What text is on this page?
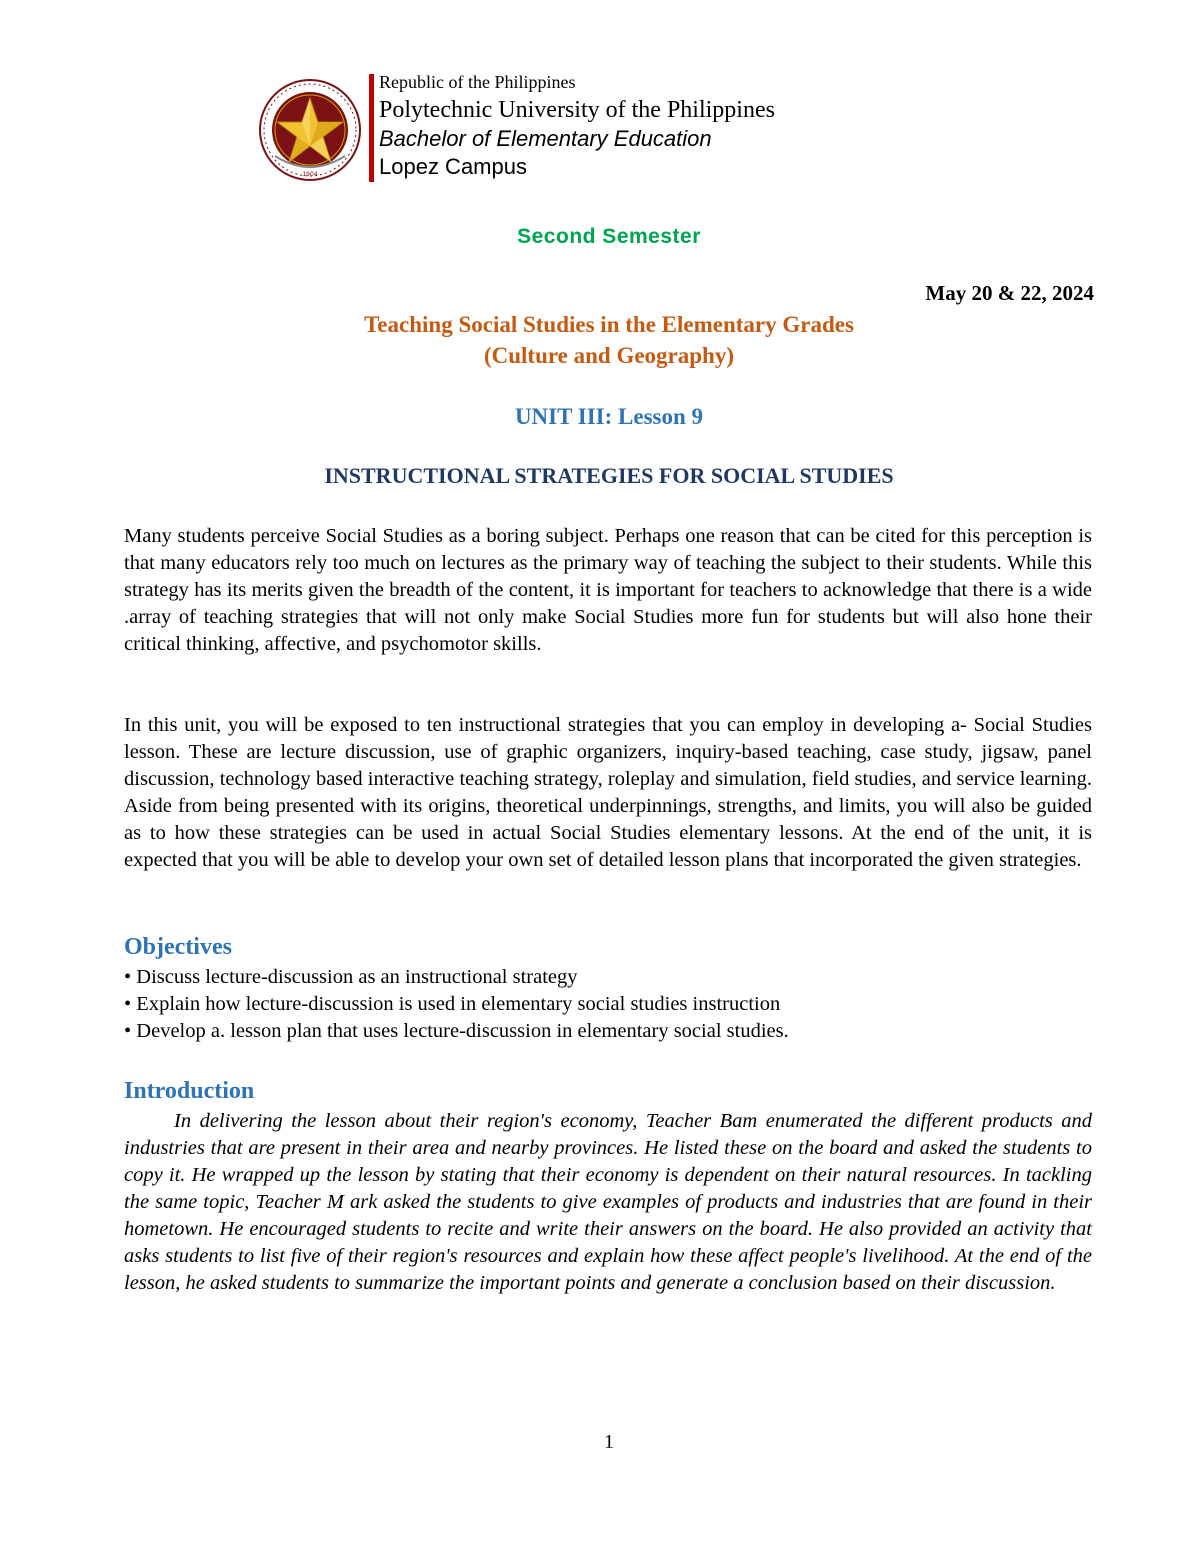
1904
Republic of the Philippines
Polytechnic University of the Philippines
Bachelor of Elementary Education
Lopez Campus
Second Semester
May 20 & 22, 2024
Teaching Social Studies in the Elementary Grades
(Culture and Geography)
UNIT III: Lesson 9
INSTRUCTIONAL STRATEGIES FOR SOCIAL STUDIES
Many students perceive Social Studies as a boring subject. Perhaps one reason that can be cited for this perception is that many educators rely too much on lectures as the primary way of teaching the subject to their students. While this strategy has its merits given the breadth of the content, it is important for teachers to acknowledge that there is a wide .array of teaching strategies that will not only make Social Studies more fun for students but will also hone their critical thinking, affective, and psychomotor skills.
In this unit, you will be exposed to ten instructional strategies that you can employ in developing a- Social Studies lesson. These are lecture discussion, use of graphic organizers, inquiry-based teaching, case study, jigsaw, panel discussion, technology based interactive teaching strategy, roleplay and simulation, field studies, and service learning. Aside from being presented with its origins, theoretical underpinnings, strengths, and limits, you will also be guided as to how these strategies can be used in actual Social Studies elementary lessons. At the end of the unit, it is expected that you will be able to develop your own set of detailed lesson plans that incorporated the given strategies.
Objectives
• Discuss lecture-discussion as an instructional strategy
• Explain how lecture-discussion is used in elementary social studies instruction
• Develop a. lesson plan that uses lecture-discussion in elementary social studies.
Introduction
In delivering the lesson about their region's economy, Teacher Bam enumerated the different products and industries that are present in their area and nearby provinces. He listed these on the board and asked the students to copy it. He wrapped up the lesson by stating that their economy is dependent on their natural resources. In tackling the same topic, Teacher M ark asked the students to give examples of products and industries that are found in their hometown. He encouraged students to recite and write their answers on the board. He also provided an activity that asks students to list five of their region's resources and explain how these affect people's livelihood. At the end of the lesson, he asked students to summarize the important points and generate a conclusion based on their discussion.
1
